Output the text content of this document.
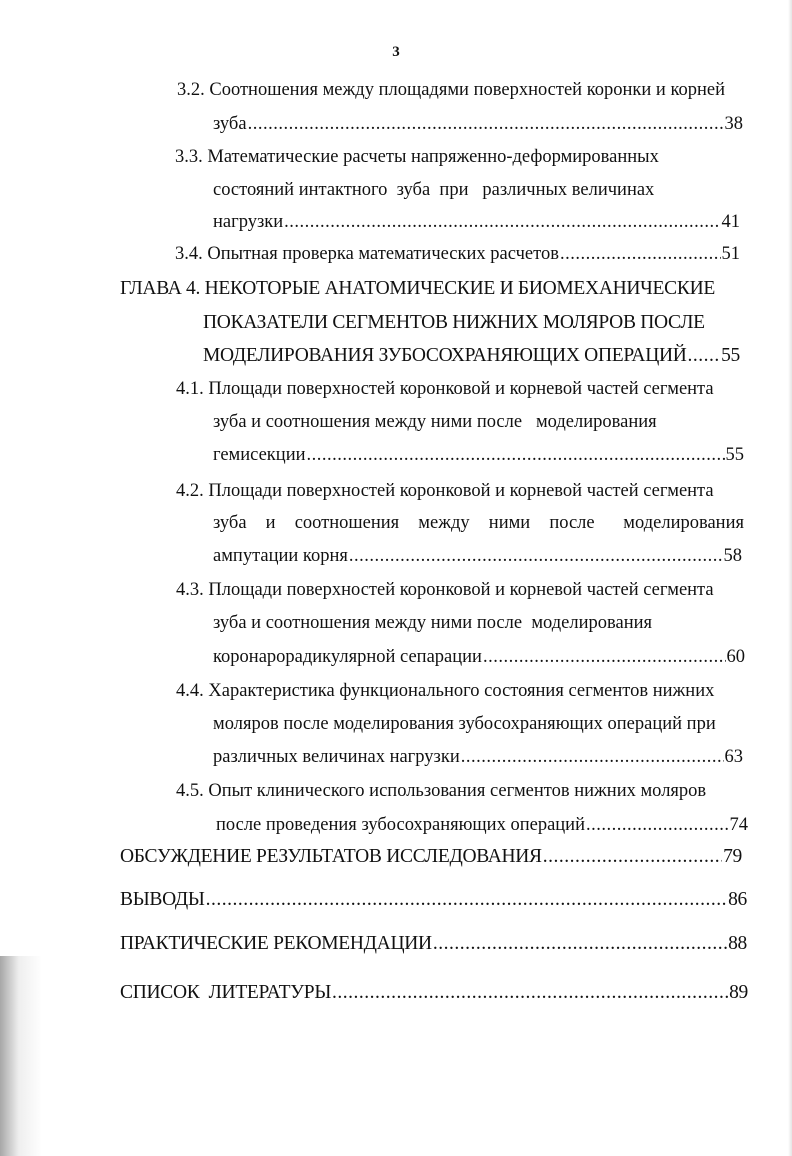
3
3.2. Соотношения между площадями поверхностей коронки и корней
зуба .....	38
3.3. Математические расчеты напряженно-деформированных
состояний интактного  зуба  при   различных величинах
нагрузки .....	41
3.4. Опытная проверка математических расчетов .....	51
ГЛАВА 4. НЕКОТОРЫЕ АНАТОМИЧЕСКИЕ И БИОМЕХАНИЧЕСКИЕ
ПОКАЗАТЕЛИ СЕГМЕНТОВ НИЖНИХ МОЛЯРОВ ПОСЛЕ
МОДЕЛИРОВАНИЯ ЗУБОСОХРАНЯЮЩИХ ОПЕРАЦИЙ ..... 55
4.1. Площади поверхностей коронковой и корневой частей сегмента
зуба и соотношения между ними после   моделирования
гемисекции .....	55
4.2. Площади поверхностей коронковой и корневой частей сегмента
зуба  и  соотношения  между  ними  после   моделирования
ампутации корня .....	58
4.3. Площади поверхностей коронковой и корневой частей сегмента
зуба и соотношения между ними после  моделирования
коронарорадикулярной сепарации .....	60
4.4. Характеристика функционального состояния сегментов нижних
моляров после моделирования зубосохраняющих операций при
различных величинах нагрузки .....	63
4.5. Опыт клинического использования сегментов нижних моляров
после проведения зубосохраняющих операций .....	74
ОБСУЖДЕНИЕ РЕЗУЛЬТАТОВ ИССЛЕДОВАНИЯ .....	79
ВЫВОДЫ .....	86
ПРАКТИЧЕСКИЕ РЕКОМЕНДАЦИИ .....	88
СПИСОК  ЛИТЕРАТУРЫ .....	89
